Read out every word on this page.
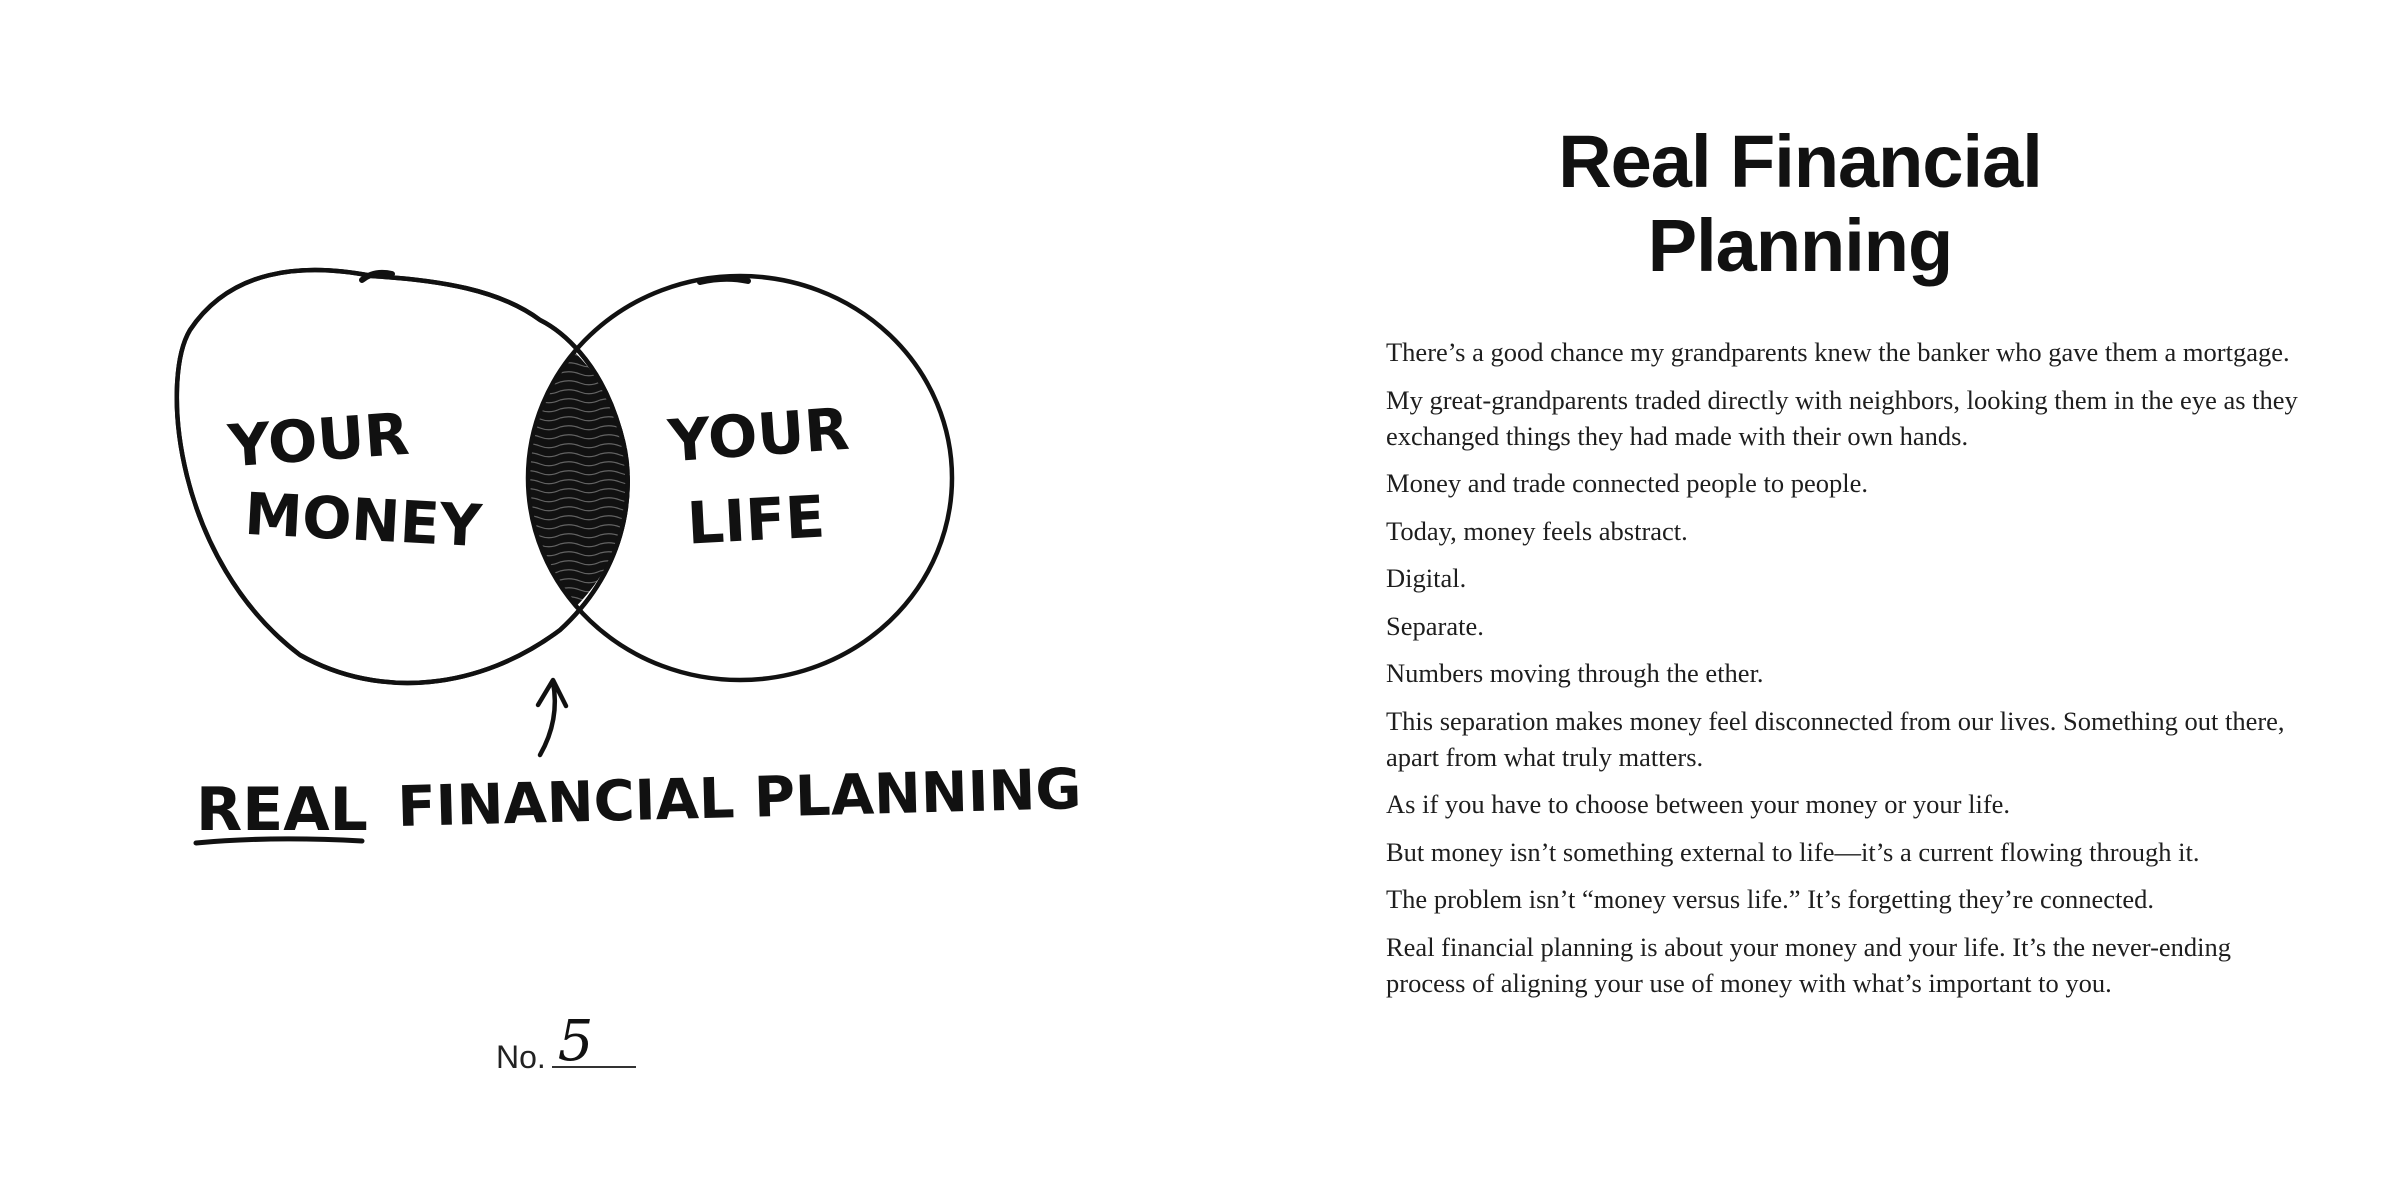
YOUR
MONEY
YOUR
LIFE
REAL FINANCIAL PLANNING
No. 5
Real Financial
Planning

There’s a good chance my grandparents knew the banker who gave them a mortgage.

My great-grandparents traded directly with neighbors, looking them in the eye as they exchanged things they had made with their own hands.

Money and trade connected people to people.

Today, money feels abstract.

Digital.

Separate.

Numbers moving through the ether.

This separation makes money feel disconnected from our lives. Something out there, apart from what truly matters.

As if you have to choose between your money or your life.

But money isn’t something external to life—it’s a current flowing through it.

The problem isn’t “money versus life.” It’s forgetting they’re connected.

Real financial planning is about your money and your life. It’s the never-ending process of aligning your use of money with what’s important to you.
